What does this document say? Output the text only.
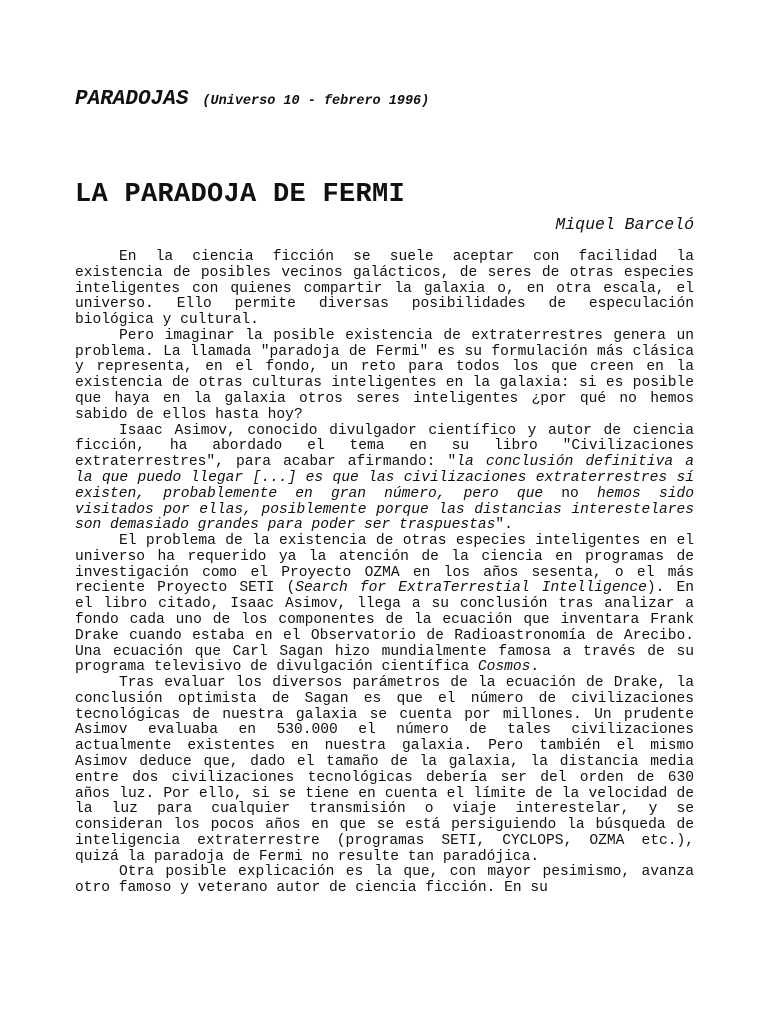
PARADOJAS (Universo 10 - febrero 1996)
LA PARADOJA DE FERMI
Miquel Barceló

En la ciencia ficción se suele aceptar con facilidad la existencia de posibles vecinos galácticos, de seres de otras especies inteligentes con quienes compartir la galaxia o, en otra escala, el universo. Ello permite diversas posibilidades de especulación biológica y cultural.

Pero imaginar la posible existencia de extraterrestres genera un problema. La llamada "paradoja de Fermi" es su formulación más clásica y representa, en el fondo, un reto para todos los que creen en la existencia de otras culturas inteligentes en la galaxia: si es posible que haya en la galaxia otros seres inteligentes ¿por qué no hemos sabido de ellos hasta hoy?

Isaac Asimov, conocido divulgador científico y autor de ciencia ficción, ha abordado el tema en su libro "Civilizaciones extraterrestres", para acabar afirmando: "la conclusión definitiva a la que puedo llegar [...] es que las civilizaciones extraterrestres sí existen, probablemente en gran número, pero que no hemos sido visitados por ellas, posiblemente porque las distancias interestelares son demasiado grandes para poder ser traspuestas".

El problema de la existencia de otras especies inteligentes en el universo ha requerido ya la atención de la ciencia en programas de investigación como el Proyecto OZMA en los años sesenta, o el más reciente Proyecto SETI (Search for ExtraTerrestial Intelligence). En el libro citado, Isaac Asimov, llega a su conclusión tras analizar a fondo cada uno de los componentes de la ecuación que inventara Frank Drake cuando estaba en el Observatorio de Radioastronomía de Arecibo. Una ecuación que Carl Sagan hizo mundialmente famosa a través de su programa televisivo de divulgación científica Cosmos.

Tras evaluar los diversos parámetros de la ecuación de Drake, la conclusión optimista de Sagan es que el número de civilizaciones tecnológicas de nuestra galaxia se cuenta por millones. Un prudente Asimov evaluaba en 530.000 el número de tales civilizaciones actualmente existentes en nuestra galaxia. Pero también el mismo Asimov deduce que, dado el tamaño de la galaxia, la distancia media entre dos civilizaciones tecnológicas debería ser del orden de 630 años luz. Por ello, si se tiene en cuenta el límite de la velocidad de la luz para cualquier transmisión o viaje interestelar, y se consideran los pocos años en que se está persiguiendo la búsqueda de inteligencia extraterrestre (programas SETI, CYCLOPS, OZMA etc.), quizá la paradoja de Fermi no resulte tan paradójica.

Otra posible explicación es la que, con mayor pesimismo, avanza otro famoso y veterano autor de ciencia ficción. En su
